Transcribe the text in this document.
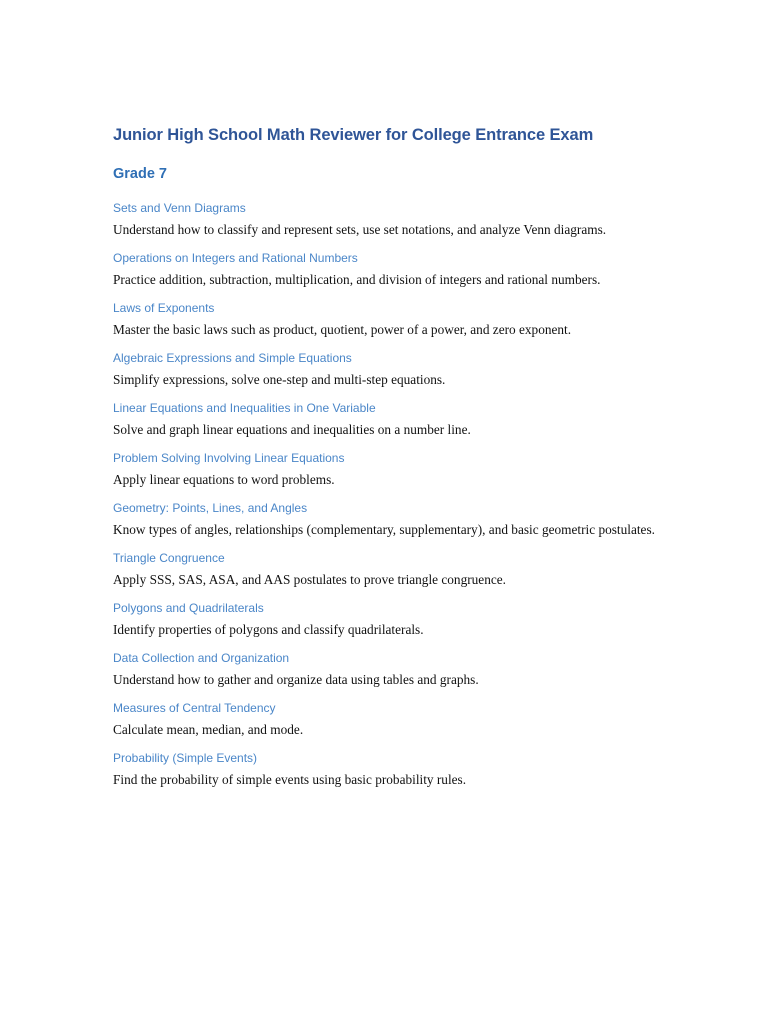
Junior High School Math Reviewer for College Entrance Exam
Grade 7
Sets and Venn Diagrams

Understand how to classify and represent sets, use set notations, and analyze Venn diagrams.

Operations on Integers and Rational Numbers

Practice addition, subtraction, multiplication, and division of integers and rational numbers.

Laws of Exponents

Master the basic laws such as product, quotient, power of a power, and zero exponent.

Algebraic Expressions and Simple Equations

Simplify expressions, solve one-step and multi-step equations.

Linear Equations and Inequalities in One Variable

Solve and graph linear equations and inequalities on a number line.

Problem Solving Involving Linear Equations

Apply linear equations to word problems.

Geometry: Points, Lines, and Angles

Know types of angles, relationships (complementary, supplementary), and basic geometric postulates.

Triangle Congruence

Apply SSS, SAS, ASA, and AAS postulates to prove triangle congruence.

Polygons and Quadrilaterals

Identify properties of polygons and classify quadrilaterals.

Data Collection and Organization

Understand how to gather and organize data using tables and graphs.

Measures of Central Tendency

Calculate mean, median, and mode.

Probability (Simple Events)

Find the probability of simple events using basic probability rules.
